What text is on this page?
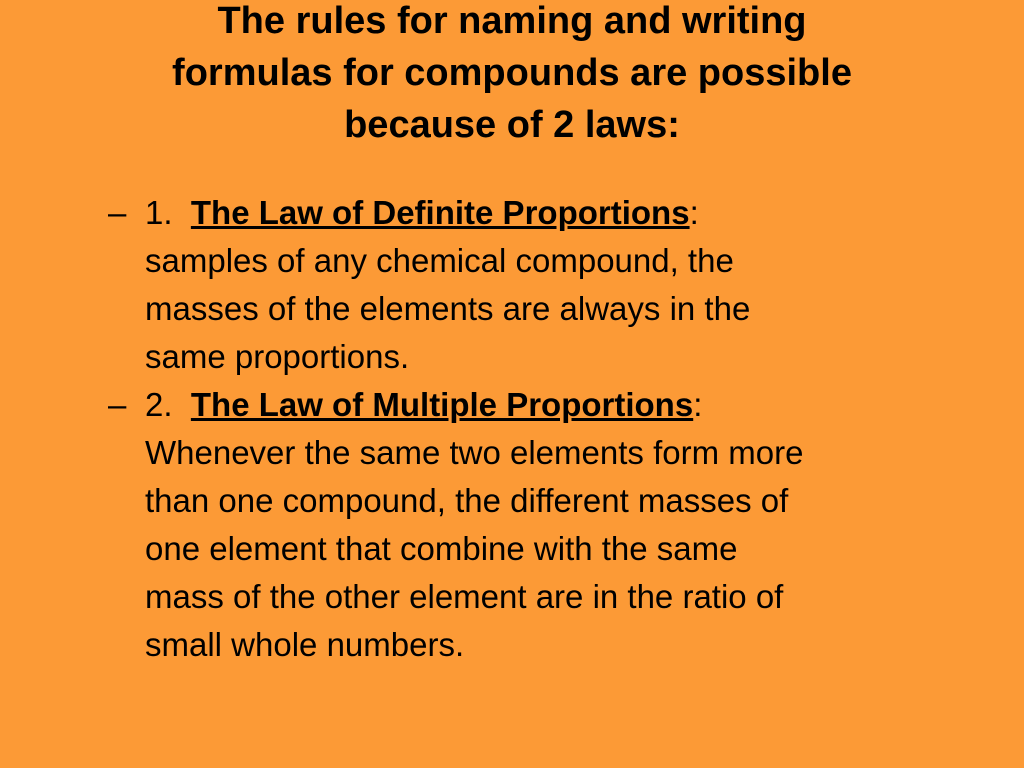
The rules for naming and writing
formulas for compounds are possible
because of 2 laws:
– 1. The Law of Definite Proportions:
samples of any chemical compound, the
masses of the elements are always in the
same proportions.
– 2. The Law of Multiple Proportions:
Whenever the same two elements form more
than one compound, the different masses of
one element that combine with the same
mass of the other element are in the ratio of
small whole numbers.
